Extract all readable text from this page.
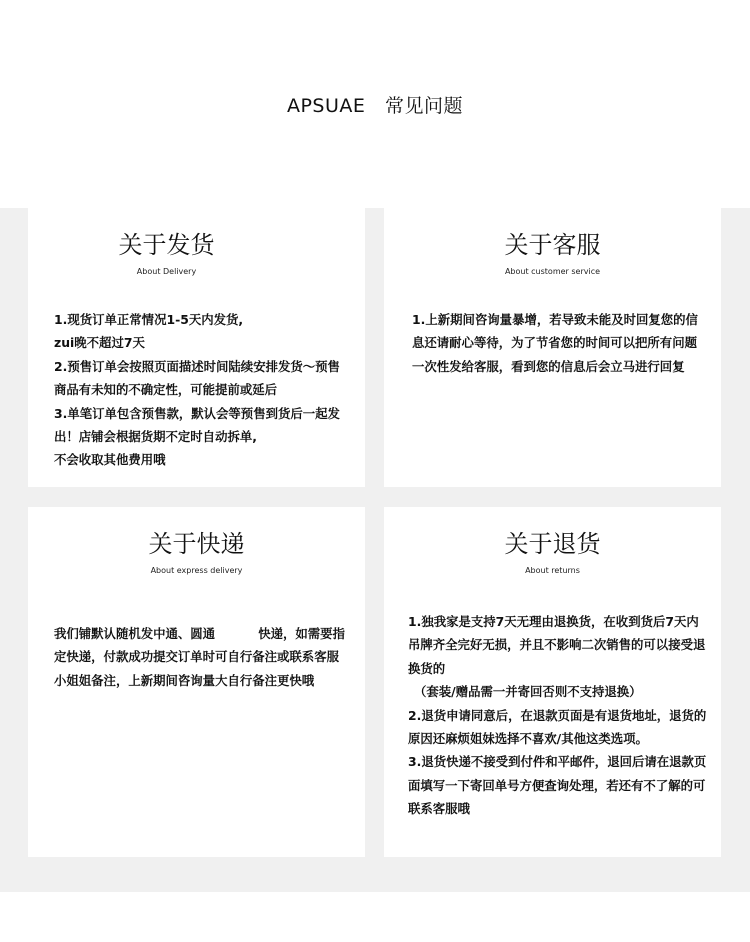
APSUAE   常见问题
关于发货
About Delivery
1.现货订单正常情况1-5天内发货,
zui晚不超过7天
2.预售订单会按照页面描述时间陆续安排发货～预售商品有未知的不确定性，可能提前或延后
3.单笔订单包含预售款，默认会等预售到货后一起发出！店铺会根据货期不定时自动拆单,
不会收取其他费用哦
关于客服
About customer service
1.上新期间咨询量暴增，若导致未能及时回复您的信息还请耐心等待，为了节省您的时间可以把所有问题一次性发给客服，看到您的信息后会立马进行回复
关于快递
About express delivery
我们铺默认随机发中通、圆通          快递，如需要指定快递，付款成功提交订单时可自行备注或联系客服小姐姐备注，上新期间咨询量大自行备注更快哦
关于退货
About returns
1.独我家是支持7天无理由退换货，在收到货后7天内吊牌齐全完好无损，并且不影响二次销售的可以接受退换货的
（套装/赠品需一并寄回否则不支持退换）
2.退货申请同意后，在退款页面是有退货地址，退货的原因还麻烦姐妹选择不喜欢/其他这类选项。
3.退货快递不接受到付件和平邮件，退回后请在退款页面填写一下寄回单号方便查询处理，若还有不了解的可联系客服哦
